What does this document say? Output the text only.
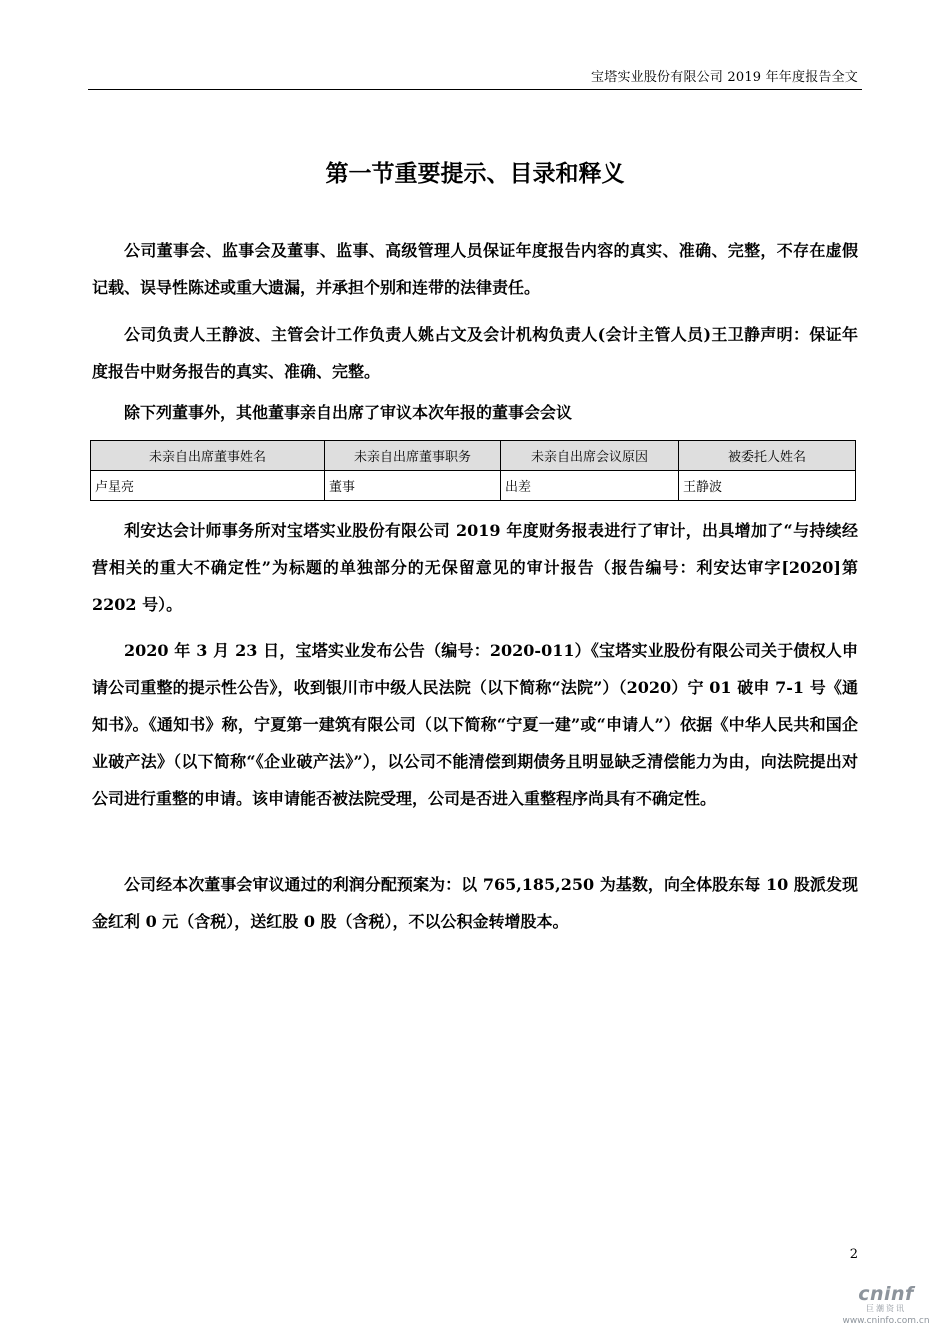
宝塔实业股份有限公司 2019 年年度报告全文
第一节重要提示、目录和释义

公司董事会、监事会及董事、监事、高级管理人员保证年度报告内容的真实、准确、完整，不存在虚假记载、误导性陈述或重大遗漏，并承担个别和连带的法律责任。

公司负责人王静波、主管会计工作负责人姚占文及会计机构负责人(会计主管人员)王卫静声明：保证年度报告中财务报告的真实、准确、完整。

除下列董事外，其他董事亲自出席了审议本次年报的董事会会议

未亲自出席董事姓名	未亲自出席董事职务	未亲自出席会议原因	被委托人姓名
卢星亮	董事	出差	王静波

利安达会计师事务所对宝塔实业股份有限公司 2019 年度财务报表进行了审计，出具增加了“与持续经营相关的重大不确定性”为标题的单独部分的无保留意见的审计报告（报告编号：利安达审字[2020]第 2202 号）。

2020 年 3 月 23 日，宝塔实业发布公告（编号：2020-011）《宝塔实业股份有限公司关于债权人申请公司重整的提示性公告》，收到银川市中级人民法院（以下简称“法院”）（2020）宁 01 破申 7-1 号《通知书》。《通知书》称，宁夏第一建筑有限公司（以下简称“宁夏一建”或“申请人”）依据《中华人民共和国企业破产法》（以下简称“《企业破产法》”），以公司不能清偿到期债务且明显缺乏清偿能力为由，向法院提出对公司进行重整的申请。该申请能否被法院受理，公司是否进入重整程序尚具有不确定性。

公司经本次董事会审议通过的利润分配预案为：以 765,185,250 为基数，向全体股东每 10 股派发现金红利 0 元（含税），送红股 0 股（含税），不以公积金转增股本。

2
cninf
巨潮资讯
www.cninfo.com.cn
